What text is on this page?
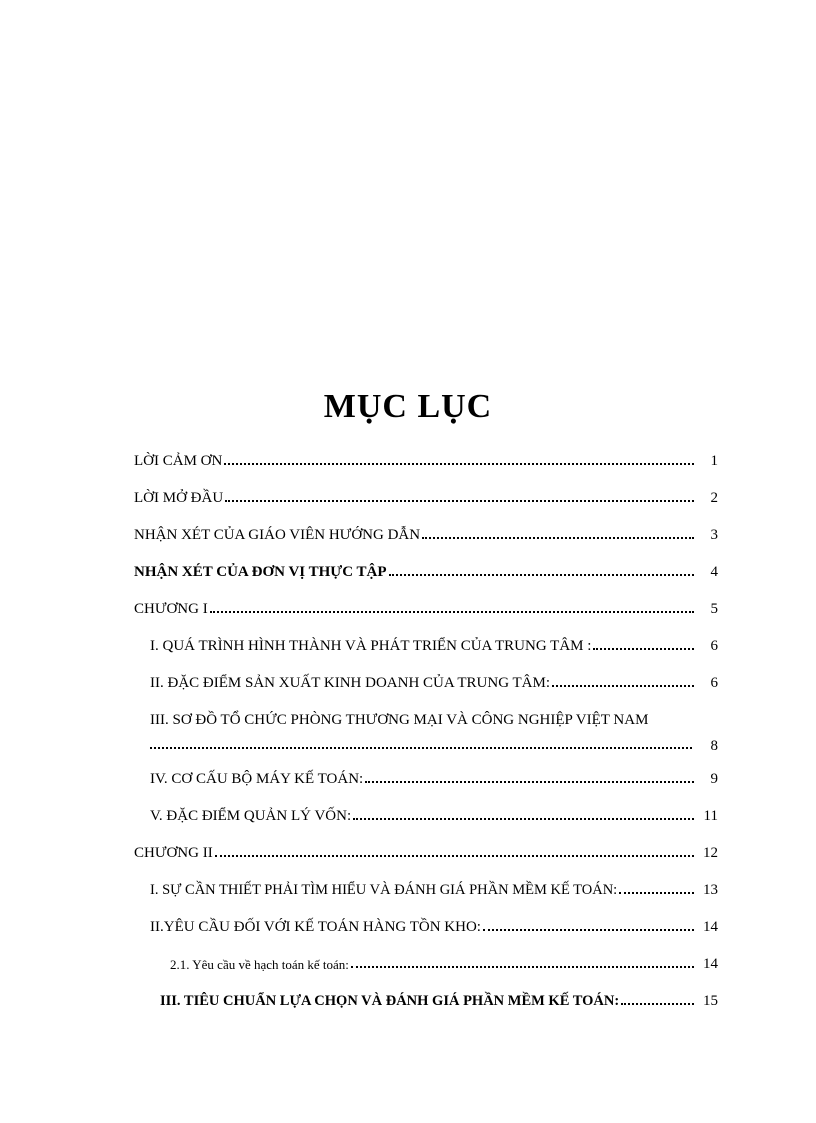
MỤC LỤC
LỜI CẢM ƠN	1
LỜI MỞ ĐẦU	2
NHẬN XÉT CỦA GIÁO VIÊN HƯỚNG DẪN	3
NHẬN XÉT CỦA ĐƠN VỊ THỰC TẬP	4
CHƯƠNG I	5
I. QUÁ TRÌNH HÌNH THÀNH VÀ PHÁT TRIỂN CỦA TRUNG TÂM :	6
II. ĐẶC ĐIỂM SẢN XUẤT KINH DOANH CỦA TRUNG TÂM:	6
III. SƠ ĐỒ TỔ CHỨC PHÒNG THƯƠNG MẠI VÀ CÔNG NGHIỆP VIỆT NAM
8
IV. CƠ CẤU BỘ MÁY KẾ TOÁN:	9
V. ĐẶC ĐIỂM QUẢN LÝ VỐN:	11
CHƯƠNG II	12
I. SỰ CẦN THIẾT PHẢI TÌM HIỂU VÀ ĐÁNH GIÁ PHẦN MỀM KẾ TOÁN:	13
II.YÊU CẦU ĐỐI VỚI KẾ TOÁN HÀNG TỒN KHO:	14
2.1. Yêu cầu về hạch toán kế toán:	14
III. TIÊU CHUẨN LỰA CHỌN VÀ ĐÁNH GIÁ PHẦN MỀM KẾ TOÁN:	15
